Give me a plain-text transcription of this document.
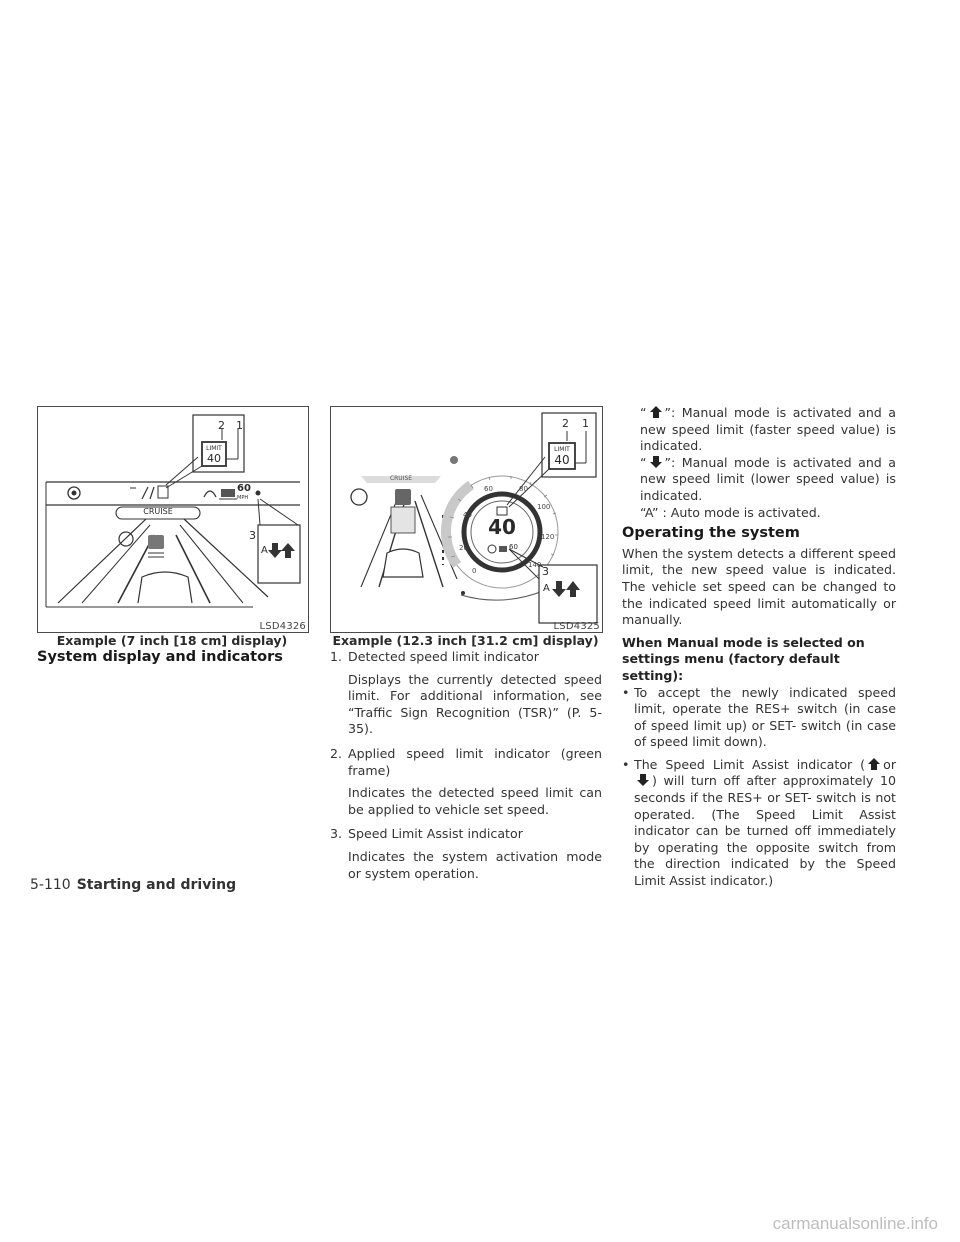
CRUISE
60
MPH
2 1
LIMIT
40
3
A
LSD4326
Example (7 inch [18 cm] display)
CRUISE
40
60
0
20
40
60	80
100
120
140
2 1
LIMIT
40
3
A
LSD4325
Example (12.3 inch [31.2 cm] display)
System display and indicators	1. Detected speed limit indicator

Displays the currently detected speed limit. For additional information, see “Traffic Sign Recognition (TSR)” (P. 5-35).

2. Applied speed limit indicator (green frame)

Indicates the detected speed limit can be applied to vehicle set speed.

3. Speed Limit Assist indicator

Indicates the system activation mode or system operation.

“ ”: Manual mode is activated and a new speed limit (faster speed value) is indicated.

“ ”: Manual mode is activated and a new speed limit (lower speed value) is indicated.

“A” : Auto mode is activated.

Operating the system

When the system detects a different speed limit, the new speed value is indicated. The vehicle set speed can be changed to the indicated speed limit automatically or manually.

When Manual mode is selected on settings menu (factory default setting):

• To accept the newly indicated speed limit, operate the RES+ switch (in case of speed limit up) or SET- switch (in case of speed limit down).
• The Speed Limit Assist indicator ( or ) will turn off after approximately 10 seconds if the RES+ or SET- switch is not operated. (The Speed Limit Assist indicator can be turned off immediately by operating the opposite switch from the direction indicated by the Speed Limit Assist indicator.)
5-110 Starting and driving
carmanualsonline.info
